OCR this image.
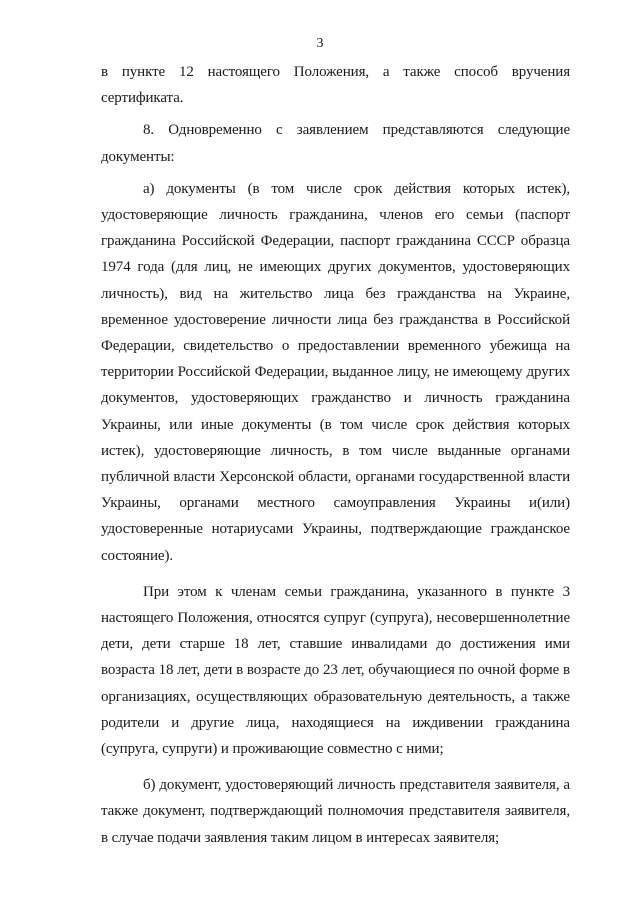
3

в пункте 12 настоящего Положения, а также способ вручения сертификата.

8. Одновременно с заявлением представляются следующие документы:

а) документы (в том числе срок действия которых истек), удостоверяющие личность гражданина, членов его семьи (паспорт гражданина Российской Федерации, паспорт гражданина СССР образца 1974 года (для лиц, не имеющих других документов, удостоверяющих личность), вид на жительство лица без гражданства на Украине, временное удостоверение личности лица без гражданства в Российской Федерации, свидетельство о предоставлении временного убежища на территории Российской Федерации, выданное лицу, не имеющему других документов, удостоверяющих гражданство и личность гражданина Украины, или иные документы (в том числе срок действия которых истек), удостоверяющие личность, в том числе выданные органами публичной власти Херсонской области, органами государственной власти Украины, органами местного самоуправления Украины и(или) удостоверенные нотариусами Украины, подтверждающие гражданское состояние).

При этом к членам семьи гражданина, указанного в пункте 3 настоящего Положения, относятся супруг (супруга), несовершеннолетние дети, дети старше 18 лет, ставшие инвалидами до достижения ими возраста 18 лет, дети в возрасте до 23 лет, обучающиеся по очной форме в организациях, осуществляющих образовательную деятельность, а также родители и другие лица, находящиеся на иждивении гражданина (супруга, супруги) и проживающие совместно с ними;

б) документ, удостоверяющий личность представителя заявителя, а также документ, подтверждающий полномочия представителя заявителя, в случае подачи заявления таким лицом в интересах заявителя;
